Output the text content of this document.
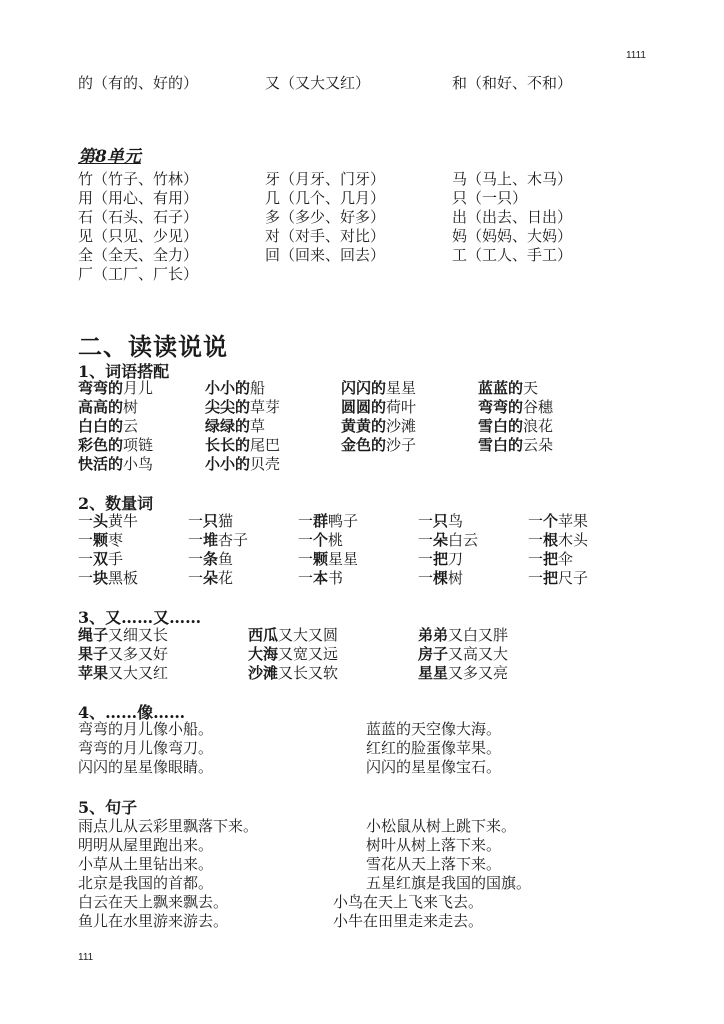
1111
的（有的、好的）	又（又大又红）	和（和好、不和）
第8单元
竹（竹子、竹林）	牙（月牙、门牙）	马（马上、木马）
用（用心、有用）	几（几个、几月）	只（一只）
石（石头、石子）	多（多少、好多）	出（出去、日出）
见（只见、少见）	对（对手、对比）	妈（妈妈、大妈）
全（全天、全力）	回（回来、回去）	工（工人、手工）
厂（工厂、厂长）
二、读读说说
1、词语搭配
弯弯的月儿	小小的船	闪闪的星星	蓝蓝的天
高高的树	尖尖的草芽	圆圆的荷叶	弯弯的谷穗
白白的云	绿绿的草	黄黄的沙滩	雪白的浪花
彩色的项链	长长的尾巴	金色的沙子	雪白的云朵
快活的小鸟	小小的贝壳
2、数量词
一头黄牛	一只猫	一群鸭子	一只鸟	一个苹果
一颗枣	一堆杏子	一个桃	一朵白云	一根木头
一双手	一条鱼	一颗星星	一把刀	一把伞
一块黑板	一朵花	一本书	一棵树	一把尺子
3、又……又……
绳子又细又长	西瓜又大又圆	弟弟又白又胖
果子又多又好	大海又宽又远	房子又高又大
苹果又大又红	沙滩又长又软	星星又多又亮
4、……像……
弯弯的月儿像小船。	蓝蓝的天空像大海。
弯弯的月儿像弯刀。	红红的脸蛋像苹果。
闪闪的星星像眼睛。	闪闪的星星像宝石。
5、句子
雨点儿从云彩里飘落下来。	小松鼠从树上跳下来。
明明从屋里跑出来。	树叶从树上落下来。
小草从土里钻出来。	雪花从天上落下来。
北京是我国的首都。	五星红旗是我国的国旗。
白云在天上飘来飘去。	小鸟在天上飞来飞去。
鱼儿在水里游来游去。	小牛在田里走来走去。
111
